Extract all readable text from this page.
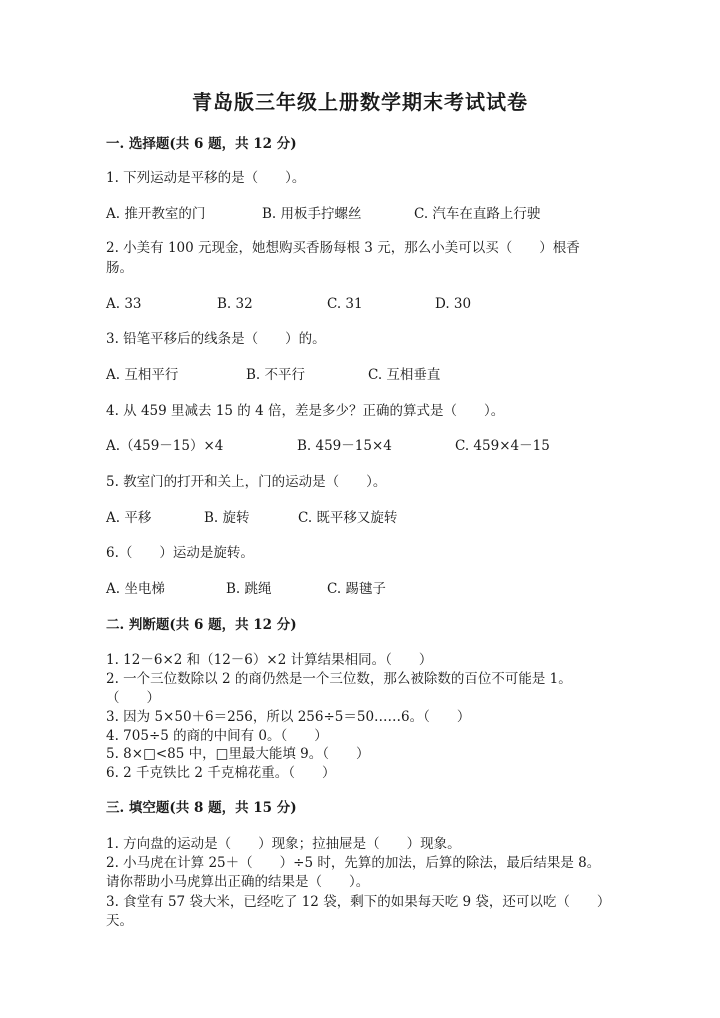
青岛版三年级上册数学期末考试试卷
一. 选择题(共 6 题，共 12 分)
1. 下列运动是平移的是（　　）。
A. 推开教室的门	B. 用板手拧螺丝	C. 汽车在直路上行驶
2. 小美有 100 元现金，她想购买香肠每根 3 元，那么小美可以买（　　）根香肠。
A. 33	B. 32	C. 31	D. 30
3. 铅笔平移后的线条是（　　）的。
A. 互相平行	B. 不平行	C. 互相垂直
4. 从 459 里减去 15 的 4 倍，差是多少？正确的算式是（　　）。
A.（459－15）×4	B. 459－15×4	C. 459×4－15
5. 教室门的打开和关上，门的运动是（　　）。
A. 平移	B. 旋转	C. 既平移又旋转
6.（　　）运动是旋转。
A. 坐电梯	B. 跳绳	C. 踢毽子
二. 判断题(共 6 题，共 12 分)
1. 12－6×2 和（12－6）×2 计算结果相同。（　　）
2. 一个三位数除以 2 的商仍然是一个三位数，那么被除数的百位不可能是 1。（　　）
3. 因为 5×50＋6＝256，所以 256÷5＝50……6。（　　）
4. 705÷5 的商的中间有 0。（　　）
5. 8×□<85 中，□里最大能填 9。（　　）
6. 2 千克铁比 2 千克棉花重。（　　）
三. 填空题(共 8 题，共 15 分)
1. 方向盘的运动是（　　）现象；拉抽屉是（　　）现象。
2. 小马虎在计算 25＋（　　）÷5 时，先算的加法，后算的除法，最后结果是 8。请你帮助小马虎算出正确的结果是（　　）。
3. 食堂有 57 袋大米，已经吃了 12 袋，剩下的如果每天吃 9 袋，还可以吃（　　）天。
